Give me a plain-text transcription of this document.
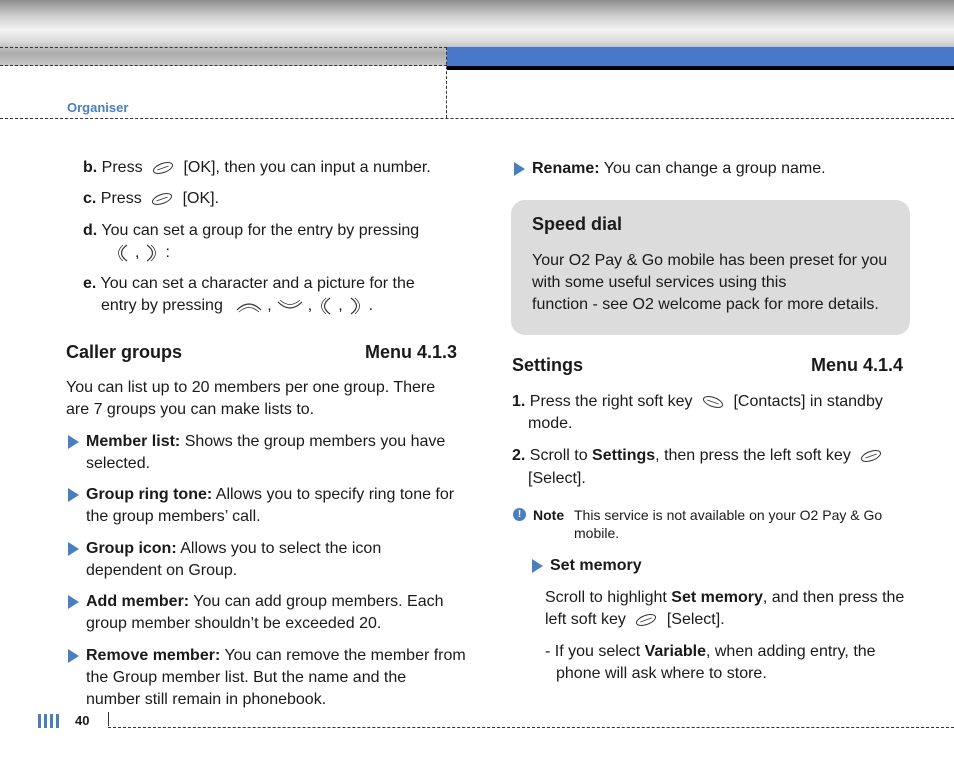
Organiser
b. Press	[OK], then you can input a number.
c. Press	[OK].
d. You can set a group for the entry by pressing
, :
e. You can set a character and a picture for the
entry by pressing	, , , .
Caller groups	Menu 4.1.3
You can list up to 20 members per one group. There
are 7 groups you can make lists to.
Member list: Shows the group members you have
selected.
Group ring tone: Allows you to specify ring tone for
the group members’ call.
Group icon: Allows you to select the icon
dependent on Group.
Add member: You can add group members. Each
group member shouldn’t be exceeded 20.
Remove member: You can remove the member from
the Group member list. But the name and the
number still remain in phonebook.
Rename: You can change a group name.
Speed dial
Your O2 Pay & Go mobile has been preset for you
with some useful services using this
function - see O2 welcome pack for more details.
Settings	Menu 4.1.4
1. Press the right soft key	[Contacts] in standby
mode.
2. Scroll to Settings, then press the left soft key
[Select].
! Note This service is not available on your O2 Pay & Go
mobile.
Set memory
Scroll to highlight Set memory, and then press the
left soft key	[Select].
- If you select Variable, when adding entry, the
phone will ask where to store.
40
